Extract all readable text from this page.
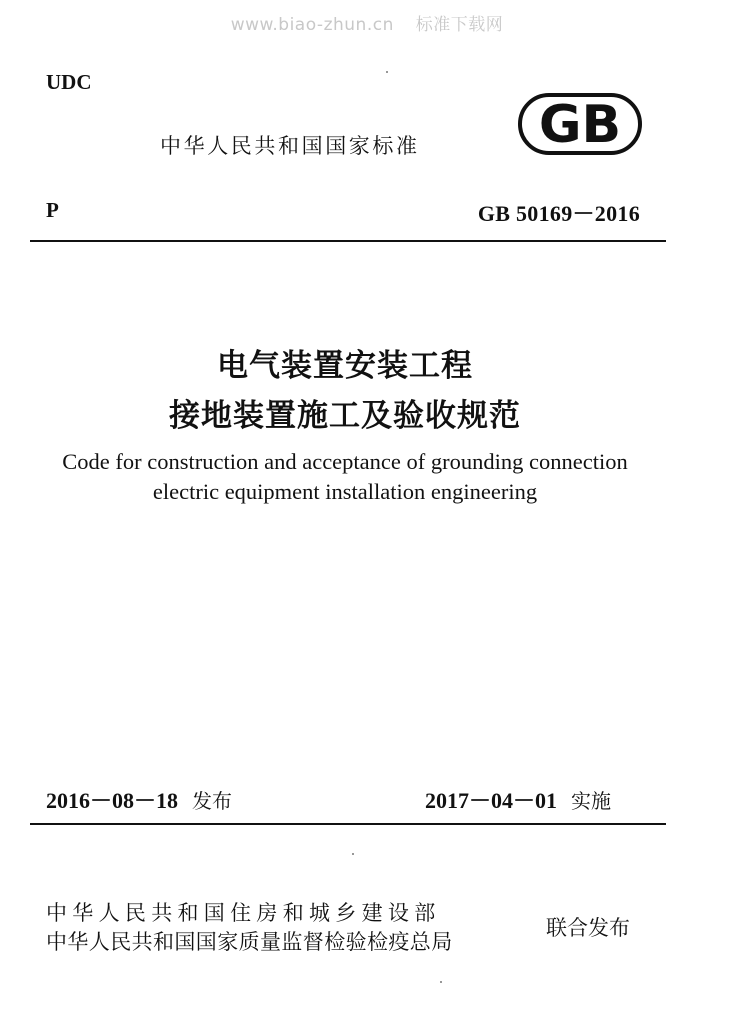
www.biao-zhun.cn 标准下载网
UDC
中华人民共和国国家标准 GB
P	GB 50169－2016
电气装置安装工程
接地装置施工及验收规范
Code for construction and acceptance of grounding connection
electric equipment installation engineering
2016－08－18 发布	2017－04－01 实施
中华人民共和国住房和城乡建设部
中华人民共和国国家质量监督检验检疫总局
联合发布
